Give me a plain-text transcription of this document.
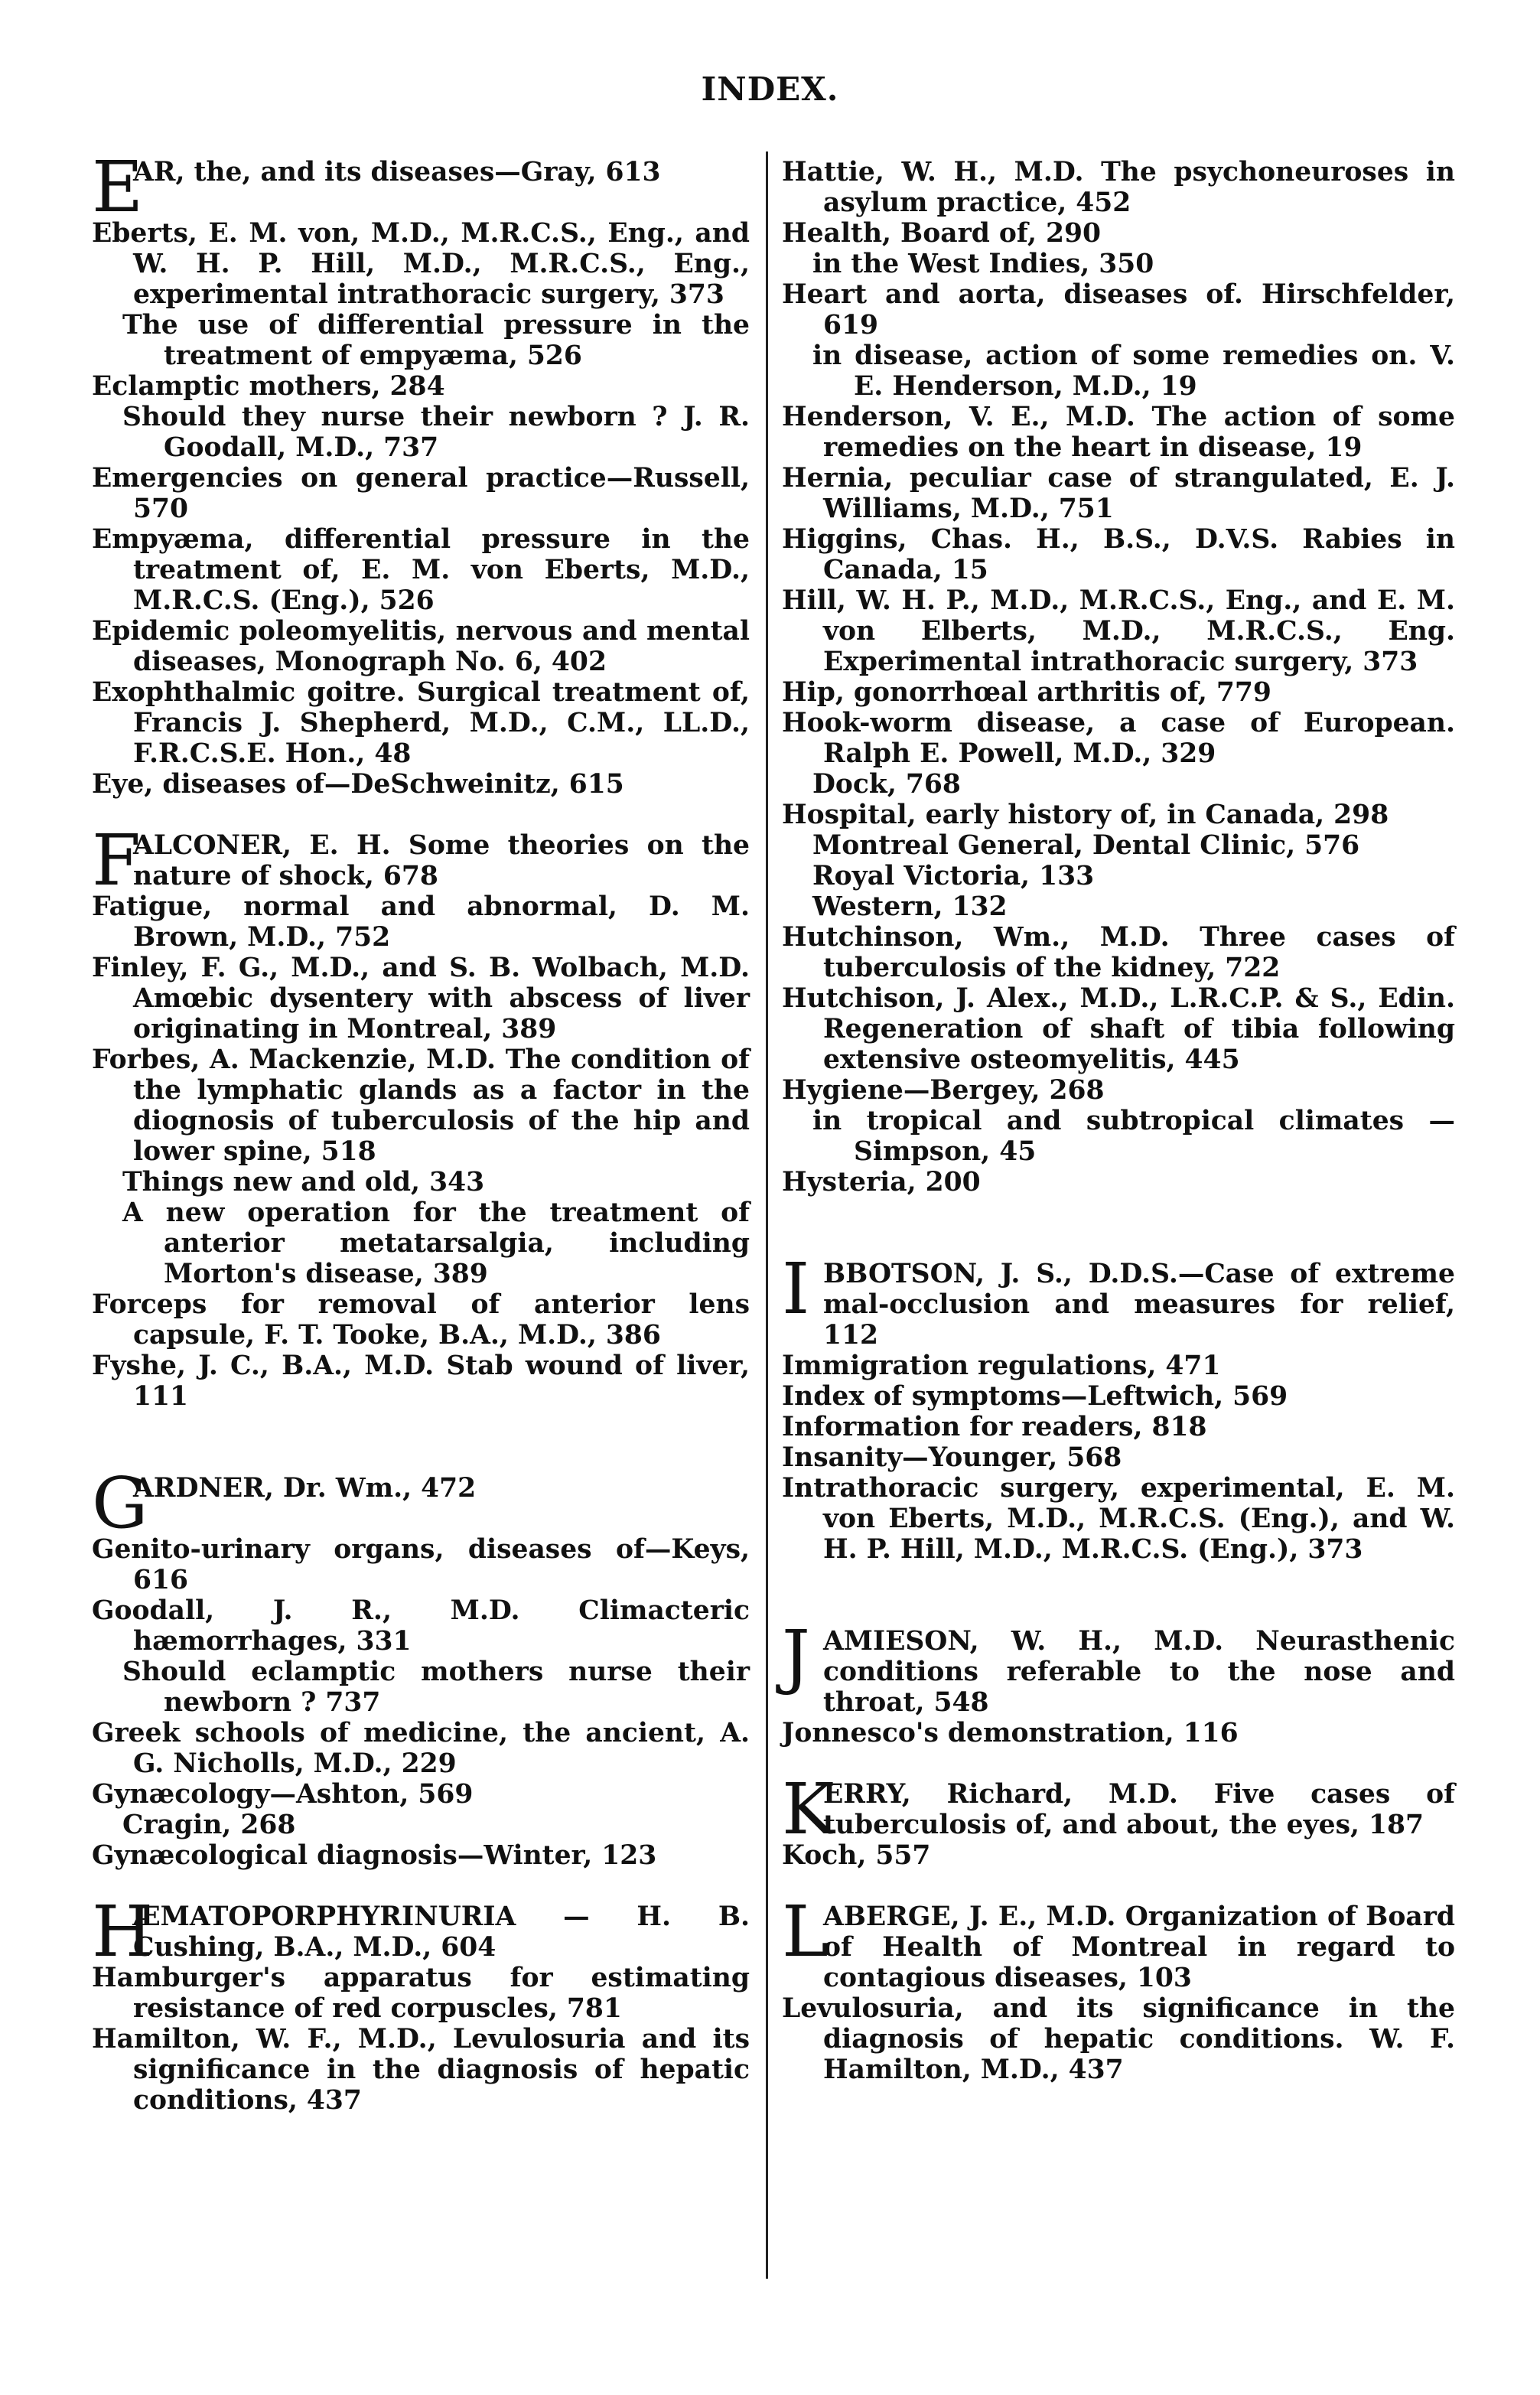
INDEX.
E
AR, the, and its diseases—Gray, 613
Eberts, E. M. von, M.D., M.R.C.S., Eng., and W. H. P. Hill, M.D., M.R.C.S., Eng., experimental intrathoracic surgery, 373
The use of differential pressure in the treatment of empyæma, 526
Eclamptic mothers, 284
Should they nurse their newborn ? J. R. Goodall, M.D., 737
Emergencies on general practice—Russell, 570
Empyæma, differential pressure in the treatment of, E. M. von Eberts, M.D., M.R.C.S. (Eng.), 526
Epidemic poleomyelitis, nervous and mental diseases, Monograph No. 6, 402
Exophthalmic goitre. Surgical treatment of, Francis J. Shepherd, M.D., C.M., LL.D., F.R.C.S.E. Hon., 48
Eye, diseases of—DeSchweinitz, 615
F
ALCONER, E. H. Some theories on the nature of shock, 678
Fatigue, normal and abnormal, D. M. Brown, M.D., 752
Finley, F. G., M.D., and S. B. Wolbach, M.D. Amœbic dysentery with abscess of liver originating in Montreal, 389
Forbes, A. Mackenzie, M.D. The condition of the lymphatic glands as a factor in the diognosis of tuberculosis of the hip and lower spine, 518
Things new and old, 343
A new operation for the treatment of anterior metatarsalgia, including Morton's disease, 389
Forceps for removal of anterior lens capsule, F. T. Tooke, B.A., M.D., 386
Fyshe, J. C., B.A., M.D. Stab wound of liver, 111
G
ARDNER, Dr. Wm., 472
Genito-urinary organs, diseases of—Keys, 616
Goodall, J. R., M.D. Climacteric hæmorrhages, 331
Should eclamptic mothers nurse their newborn ? 737
Greek schools of medicine, the ancient, A. G. Nicholls, M.D., 229
Gynæcology—Ashton, 569
Cragin, 268
Gynæcological diagnosis—Winter, 123
H
ÆMATOPORPHYRINURIA — H. B. Cushing, B.A., M.D., 604
Hamburger's apparatus for estimating resistance of red corpuscles, 781
Hamilton, W. F., M.D., Levulosuria and its significance in the diagnosis of hepatic conditions, 437
Hattie, W. H., M.D. The psychoneuroses in asylum practice, 452
Health, Board of, 290
in the West Indies, 350
Heart and aorta, diseases of. Hirschfelder, 619
in disease, action of some remedies on. V. E. Henderson, M.D., 19
Henderson, V. E., M.D. The action of some remedies on the heart in disease, 19
Hernia, peculiar case of strangulated, E. J. Williams, M.D., 751
Higgins, Chas. H., B.S., D.V.S. Rabies in Canada, 15
Hill, W. H. P., M.D., M.R.C.S., Eng., and E. M. von Elberts, M.D., M.R.C.S., Eng. Experimental intrathoracic surgery, 373
Hip, gonorrhœal arthritis of, 779
Hook-worm disease, a case of European. Ralph E. Powell, M.D., 329
Dock, 768
Hospital, early history of, in Canada, 298
Montreal General, Dental Clinic, 576
Royal Victoria, 133
Western, 132
Hutchinson, Wm., M.D. Three cases of tuberculosis of the kidney, 722
Hutchison, J. Alex., M.D., L.R.C.P. & S., Edin. Regeneration of shaft of tibia following extensive osteomyelitis, 445
Hygiene—Bergey, 268
in tropical and subtropical climates —Simpson, 45
Hysteria, 200
I BBOTSON, J. S., D.D.S.—Case of extreme mal-occlusion and measures for relief, 112
Immigration regulations, 471
Index of symptoms—Leftwich, 569
Information for readers, 818
Insanity—Younger, 568
Intrathoracic surgery, experimental, E. M. von Eberts, M.D., M.R.C.S. (Eng.), and W. H. P. Hill, M.D., M.R.C.S. (Eng.), 373
J AMIESON, W. H., M.D. Neurasthenic conditions referable to the nose and throat, 548
Jonnesco's demonstration, 116
K
ERRY, Richard, M.D. Five cases of tuberculosis of, and about, the eyes, 187
Koch, 557
L
ABERGE, J. E., M.D. Organization of Board of Health of Montreal in regard to contagious diseases, 103
Levulosuria, and its significance in the diagnosis of hepatic conditions. W. F. Hamilton, M.D., 437
